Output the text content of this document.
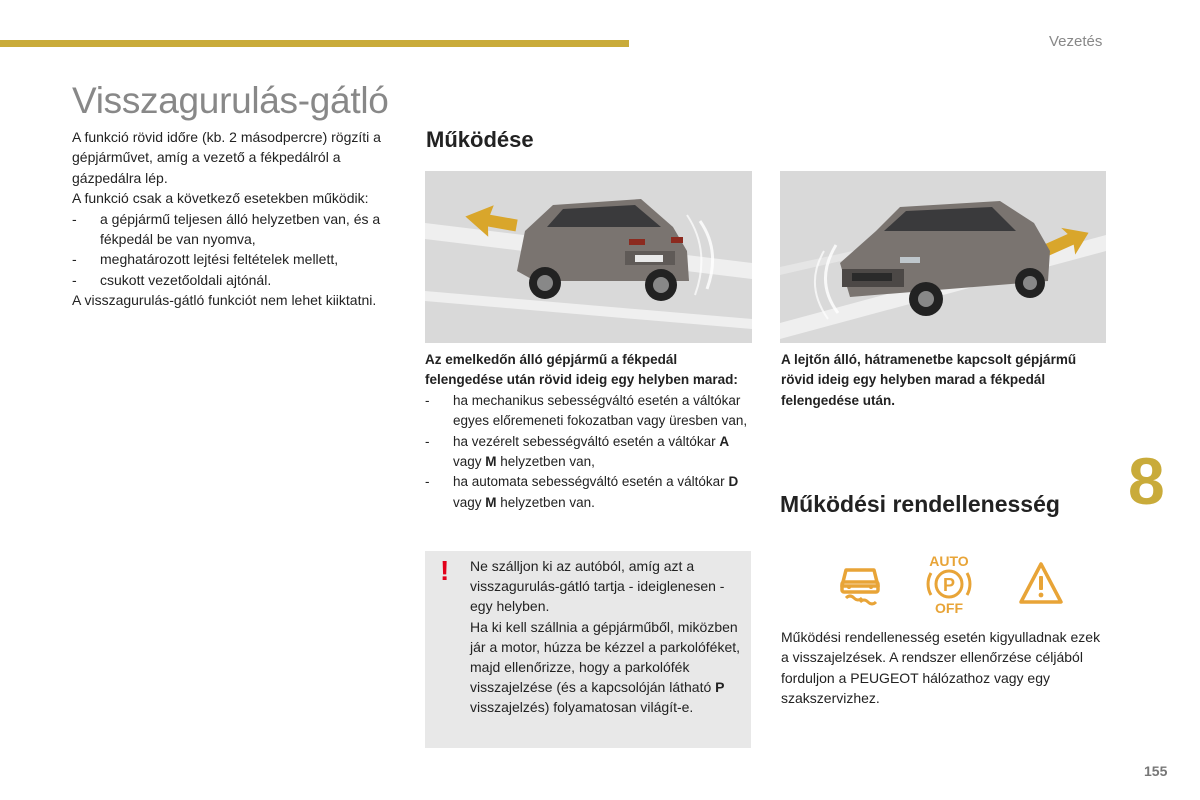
Vezetés
Visszagurulás-gátló

A funkció rövid időre (kb. 2 másodpercre) rögzíti a gépjárművet, amíg a vezető a fékpedálról a gázpedálra lép.

A funkció csak a következő esetekben működik:

- a gépjármű teljesen álló helyzetben van, és a fékpedál be van nyomva,
- meghatározott lejtési feltételek mellett,
- csukott vezetőoldali ajtónál.

A visszagurulás-gátló funkciót nem lehet kiiktatni.

Működése

Az emelkedőn álló gépjármű a fékpedál felengedése után rövid ideig egy helyben marad:

- ha mechanikus sebességváltó esetén a váltókar egyes előremeneti fokozatban vagy üresben van,
- ha vezérelt sebességváltó esetén a váltókar A vagy M helyzetben van,
- ha automata sebességváltó esetén a váltókar D vagy M helyzetben van.

A lejtőn álló, hátramenetbe kapcsolt gépjármű rövid ideig egy helyben marad a fékpedál felengedése után.

! Ne szálljon ki az autóból, amíg azt a visszagurulás-gátló tartja - ideiglenesen - egy helyben.

Ha ki kell szállnia a gépjárműből, miközben jár a motor, húzza be kézzel a parkolóféket, majd ellenőrizze, hogy a parkolófék visszajelzése (és a kapcsolóján látható P visszajelzés) folyamatosan világít-e.

8
Működési rendellenesség
AUTO
P
OFF
Működési rendellenesség esetén kigyulladnak ezek a visszajelzések. A rendszer ellenőrzése céljából forduljon a PEUGEOT hálózathoz vagy egy szakszervizhez.
155
